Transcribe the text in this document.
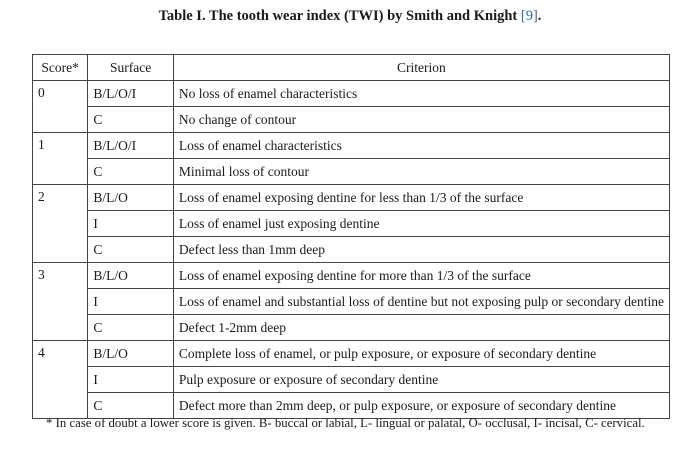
Table I. The tooth wear index (TWI) by Smith and Knight [9].
Score*	Surface	Criterion
0	B/L/O/I	No loss of enamel characteristics
	C	No change of contour
1	B/L/O/I	Loss of enamel characteristics
	C	Minimal loss of contour
2	B/L/O	Loss of enamel exposing dentine for less than 1/3 of the surface
	I	Loss of enamel just exposing dentine
	C	Defect less than 1mm deep
3	B/L/O	Loss of enamel exposing dentine for more than 1/3 of the surface
	I	Loss of enamel and substantial loss of dentine but not exposing pulp or secondary dentine
	C	Defect 1-2mm deep
4	B/L/O	Complete loss of enamel, or pulp exposure, or exposure of secondary dentine
	I	Pulp exposure or exposure of secondary dentine
	C	Defect more than 2mm deep, or pulp exposure, or exposure of secondary dentine
* In case of doubt a lower score is given. B- buccal or labial, L- lingual or palatal, O- occlusal, I- incisal, C- cervical.
